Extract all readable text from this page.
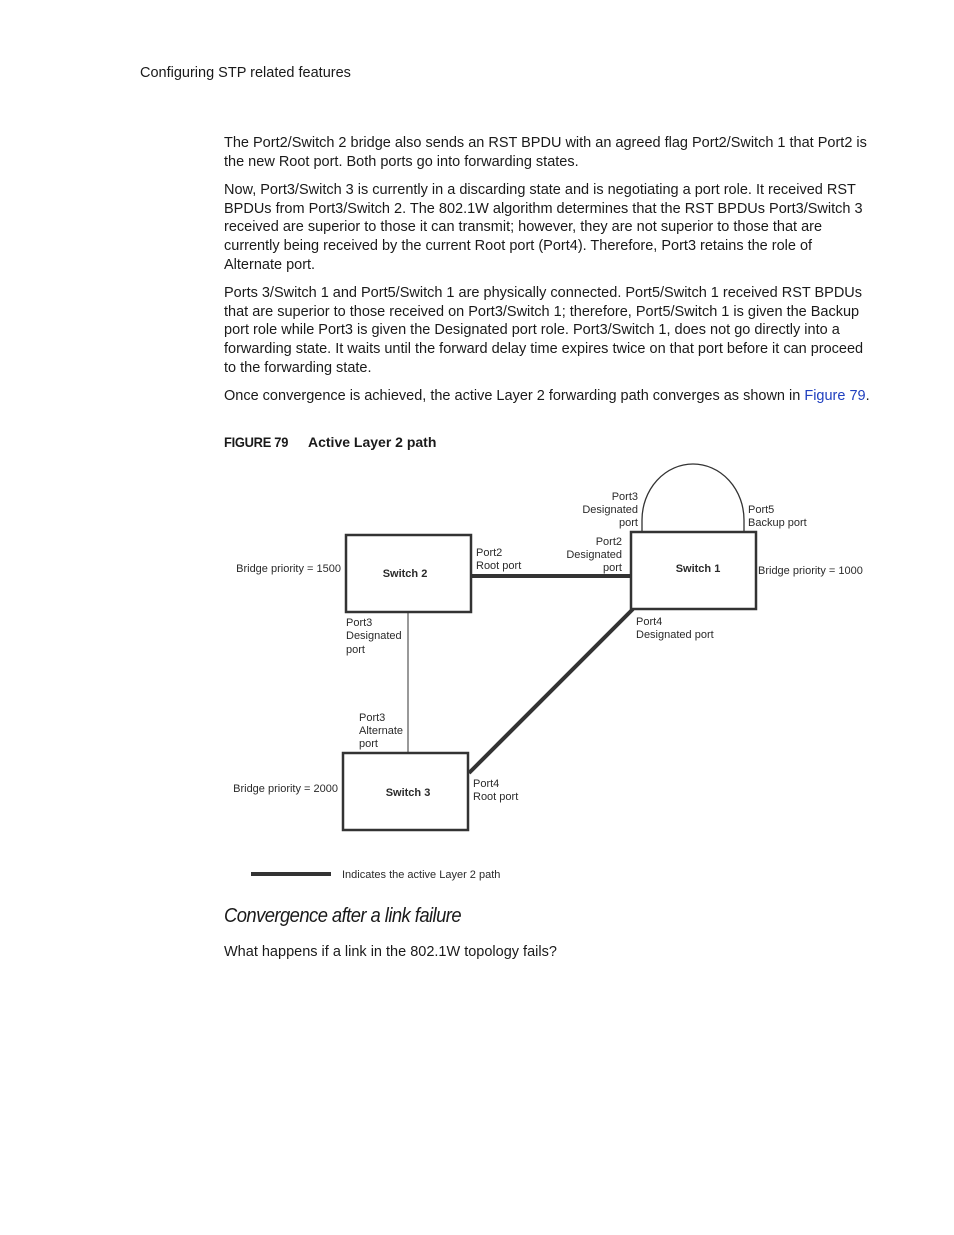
Configuring STP related features

The Port2/Switch 2 bridge also sends an RST BPDU with an agreed flag Port2/Switch 1 that Port2 is the new Root port. Both ports go into forwarding states.

Now, Port3/Switch 3 is currently in a discarding state and is negotiating a port role. It received RST BPDUs from Port3/Switch 2. The 802.1W algorithm determines that the RST BPDUs Port3/Switch 3 received are superior to those it can transmit; however, they are not superior to those that are currently being received by the current Root port (Port4). Therefore, Port3 retains the role of Alternate port.

Ports 3/Switch 1 and Port5/Switch 1 are physically connected. Port5/Switch 1 received RST BPDUs that are superior to those received on Port3/Switch 1; therefore, Port5/Switch 1 is given the Backup port role while Port3 is given the Designated port role. Port3/Switch 1, does not go directly into a forwarding state. It waits until the forward delay time expires twice on that port before it can proceed to the forwarding state.

Once convergence is achieved, the active Layer 2 forwarding path converges as shown in Figure 79.

FIGURE 79 Active Layer 2 path
Switch 2	Switch 1
Switch 3
Bridge priority = 1500	Bridge priority = 1000
Bridge priority = 2000
Port3
Designated
port
Port5
Backup port
Port2
Designated
port
Port4
Designated port
Port2
Root port
Port3
Designated
port
Port3
Alternate
port
Port4
Root port
Indicates the active Layer 2 path
Convergence after a link failure
What happens if a link in the 802.1W topology fails?
